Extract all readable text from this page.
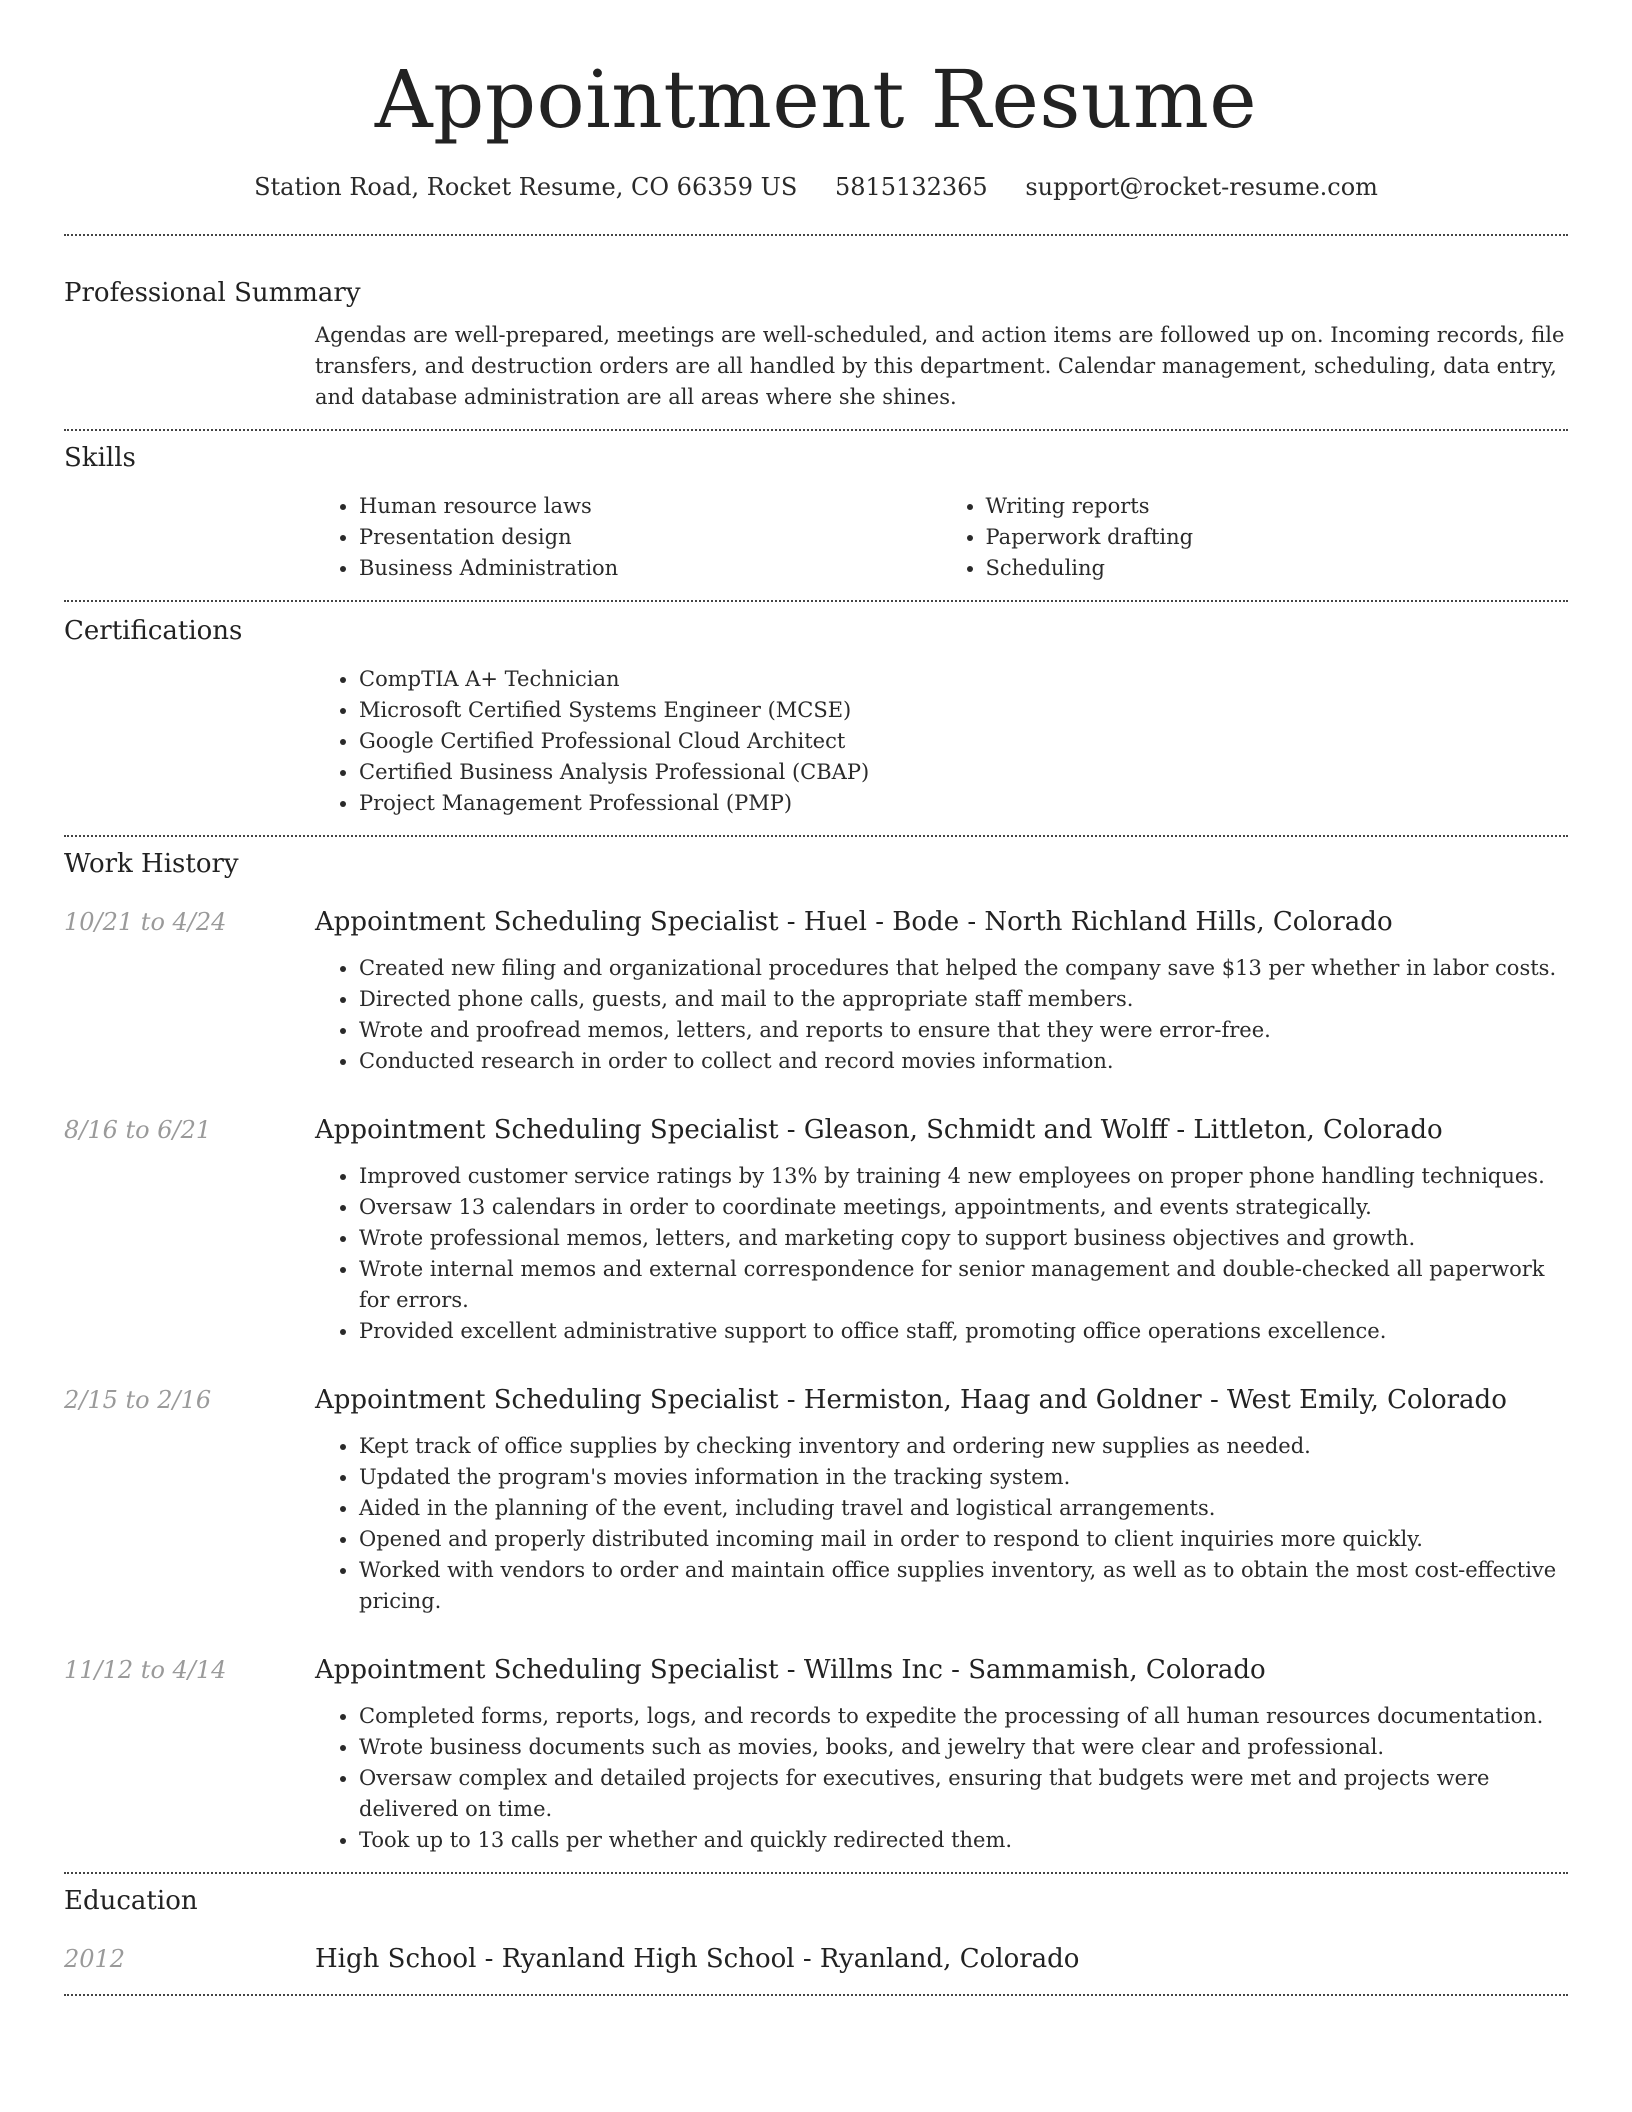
Appointment Resume
Station Road, Rocket Resume, CO 66359 US 5815132365 support@rocket-resume.com
Professional Summary

Agendas are well-prepared, meetings are well-scheduled, and action items are followed up on. Incoming records, file transfers, and destruction orders are all handled by this department. Calendar management, scheduling, data entry, and database administration are all areas where she shines.

Skills
• Human resource laws
• Presentation design
• Business Administration
• Writing reports
• Paperwork drafting
• Scheduling
Certifications
• CompTIA A+ Technician
• Microsoft Certified Systems Engineer (MCSE)
• Google Certified Professional Cloud Architect
• Certified Business Analysis Professional (CBAP)
• Project Management Professional (PMP)
Work History
10/21 to 4/24	Appointment Scheduling Specialist - Huel - Bode - North Richland Hills, Colorado
• Created new filing and organizational procedures that helped the company save $13 per whether in labor costs.
• Directed phone calls, guests, and mail to the appropriate staff members.
• Wrote and proofread memos, letters, and reports to ensure that they were error-free.
• Conducted research in order to collect and record movies information.
8/16 to 6/21	Appointment Scheduling Specialist - Gleason, Schmidt and Wolff - Littleton, Colorado
• Improved customer service ratings by 13% by training 4 new employees on proper phone handling techniques.
• Oversaw 13 calendars in order to coordinate meetings, appointments, and events strategically.
• Wrote professional memos, letters, and marketing copy to support business objectives and growth.
• Wrote internal memos and external correspondence for senior management and double-checked all paperwork for errors.
• Provided excellent administrative support to office staff, promoting office operations excellence.
2/15 to 2/16	Appointment Scheduling Specialist - Hermiston, Haag and Goldner - West Emily, Colorado
• Kept track of office supplies by checking inventory and ordering new supplies as needed.
• Updated the program's movies information in the tracking system.
• Aided in the planning of the event, including travel and logistical arrangements.
• Opened and properly distributed incoming mail in order to respond to client inquiries more quickly.
• Worked with vendors to order and maintain office supplies inventory, as well as to obtain the most cost-effective pricing.
11/12 to 4/14	Appointment Scheduling Specialist - Willms Inc - Sammamish, Colorado
• Completed forms, reports, logs, and records to expedite the processing of all human resources documentation.
• Wrote business documents such as movies, books, and jewelry that were clear and professional.
• Oversaw complex and detailed projects for executives, ensuring that budgets were met and projects were delivered on time.
• Took up to 13 calls per whether and quickly redirected them.
Education
2012	High School - Ryanland High School - Ryanland, Colorado
